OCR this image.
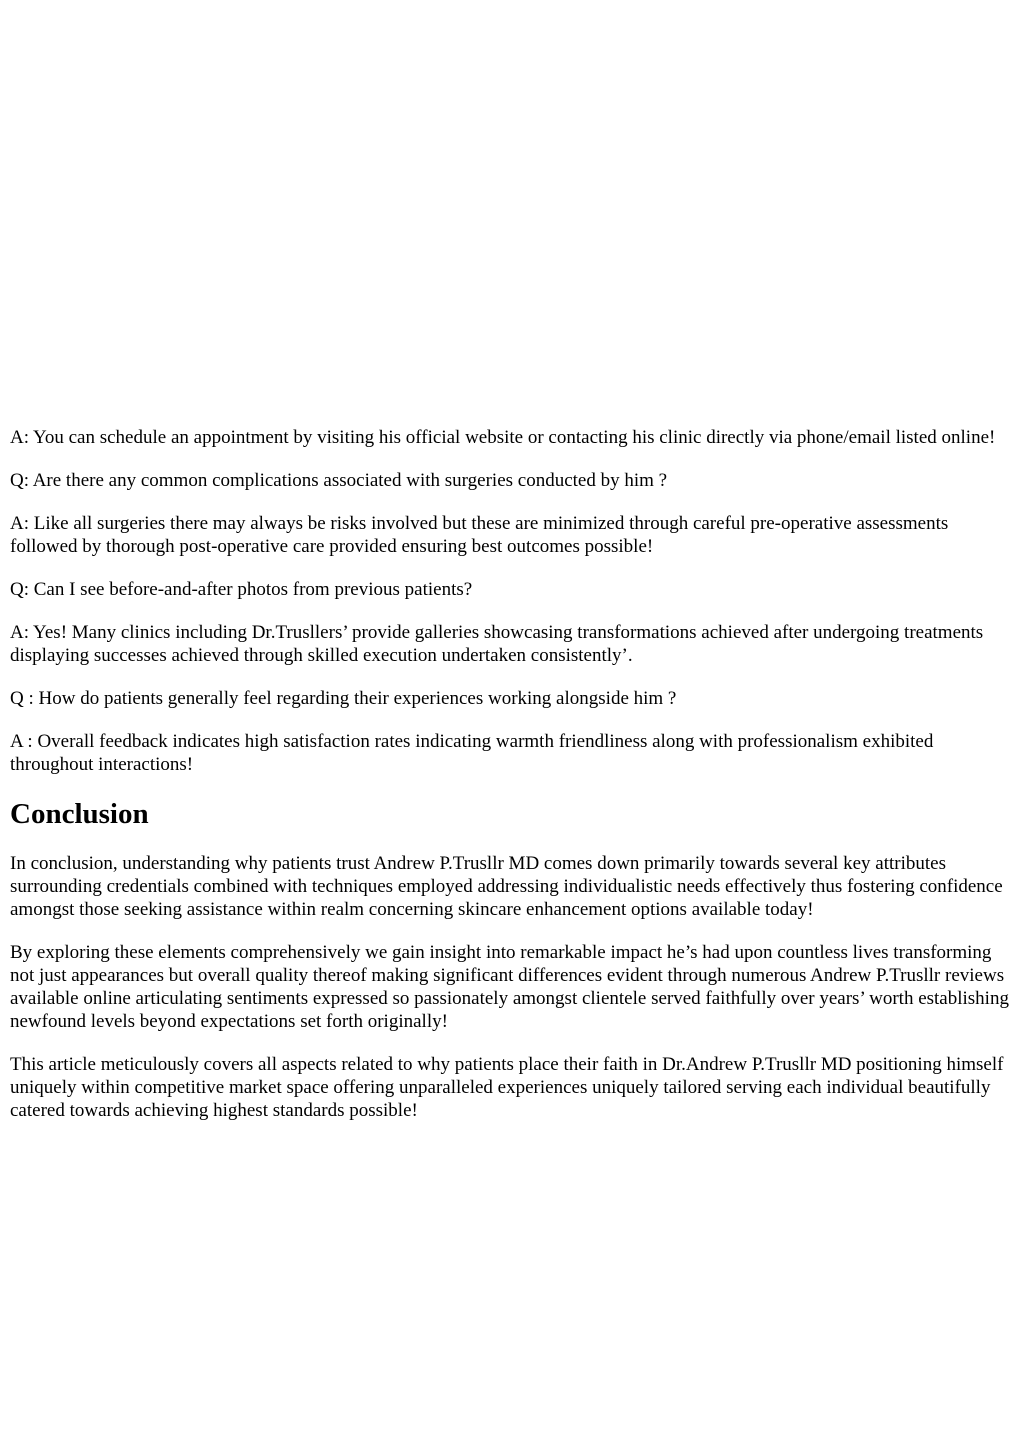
A: You can schedule an appointment by visiting his official website or contacting his clinic directly via phone/email listed online!

Q: Are there any common complications associated with surgeries conducted by him ?

A: Like all surgeries there may always be risks involved but these are minimized through careful pre-operative assessments followed by thorough post-operative care provided ensuring best outcomes possible!

Q: Can I see before-and-after photos from previous patients?

A: Yes! Many clinics including Dr.Trusllers’ provide galleries showcasing transformations achieved after undergoing treatments displaying successes achieved through skilled execution undertaken consistently’.

Q : How do patients generally feel regarding their experiences working alongside him ?

A : Overall feedback indicates high satisfaction rates indicating warmth friendliness along with professionalism exhibited throughout interactions!

Conclusion

In conclusion, understanding why patients trust Andrew P.Trusllr MD comes down primarily towards several key attributes surrounding credentials combined with techniques employed addressing individualistic needs effectively thus fostering confidence amongst those seeking assistance within realm concerning skincare enhancement options available today!

By exploring these elements comprehensively we gain insight into remarkable impact he’s had upon countless lives transforming not just appearances but overall quality thereof making significant differences evident through numerous Andrew P.Trusllr reviews available online articulating sentiments expressed so passionately amongst clientele served faithfully over years’ worth establishing newfound levels beyond expectations set forth originally!

This article meticulously covers all aspects related to why patients place their faith in Dr.Andrew P.Trusllr MD positioning himself uniquely within competitive market space offering unparalleled experiences uniquely tailored serving each individual beautifully catered towards achieving highest standards possible!
